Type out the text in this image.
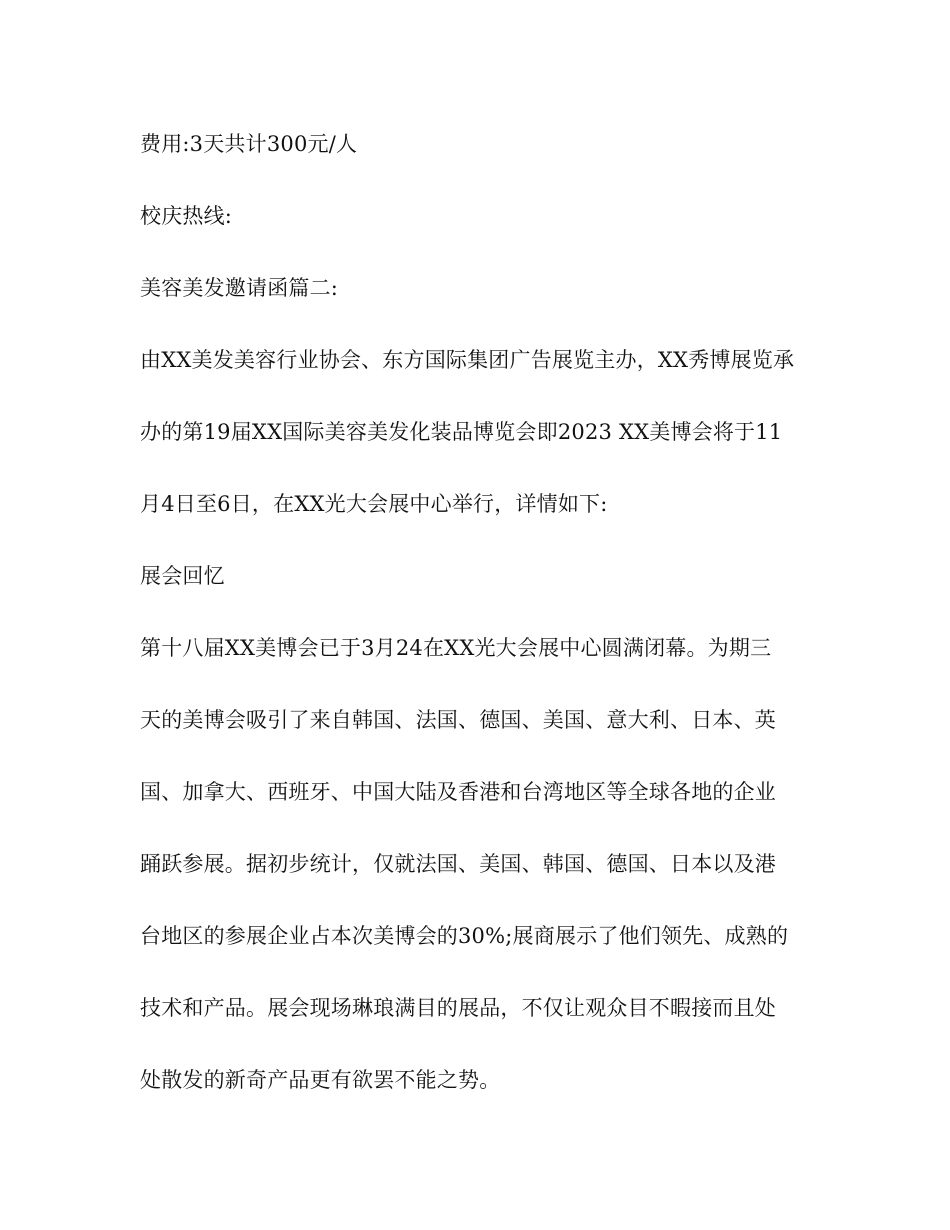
费用:3天共计300元/人
校庆热线:
美容美发邀请函篇二:
由XX美发美容行业协会、东方国际集团广告展览主办，XX秀博展览承
办的第19届XX国际美容美发化装品博览会即2023 XX美博会将于11
月4日至6日，在XX光大会展中心举行，详情如下:
展会回忆
第十八届XX美博会已于3月24在XX光大会展中心圆满闭幕。为期三
天的美博会吸引了来自韩国、法国、德国、美国、意大利、日本、英
国、加拿大、西班牙、中国大陆及香港和台湾地区等全球各地的企业
踊跃参展。据初步统计，仅就法国、美国、韩国、德国、日本以及港
台地区的参展企业占本次美博会的30%;展商展示了他们领先、成熟的
技术和产品。展会现场琳琅满目的展品，不仅让观众目不暇接而且处
处散发的新奇产品更有欲罢不能之势。
